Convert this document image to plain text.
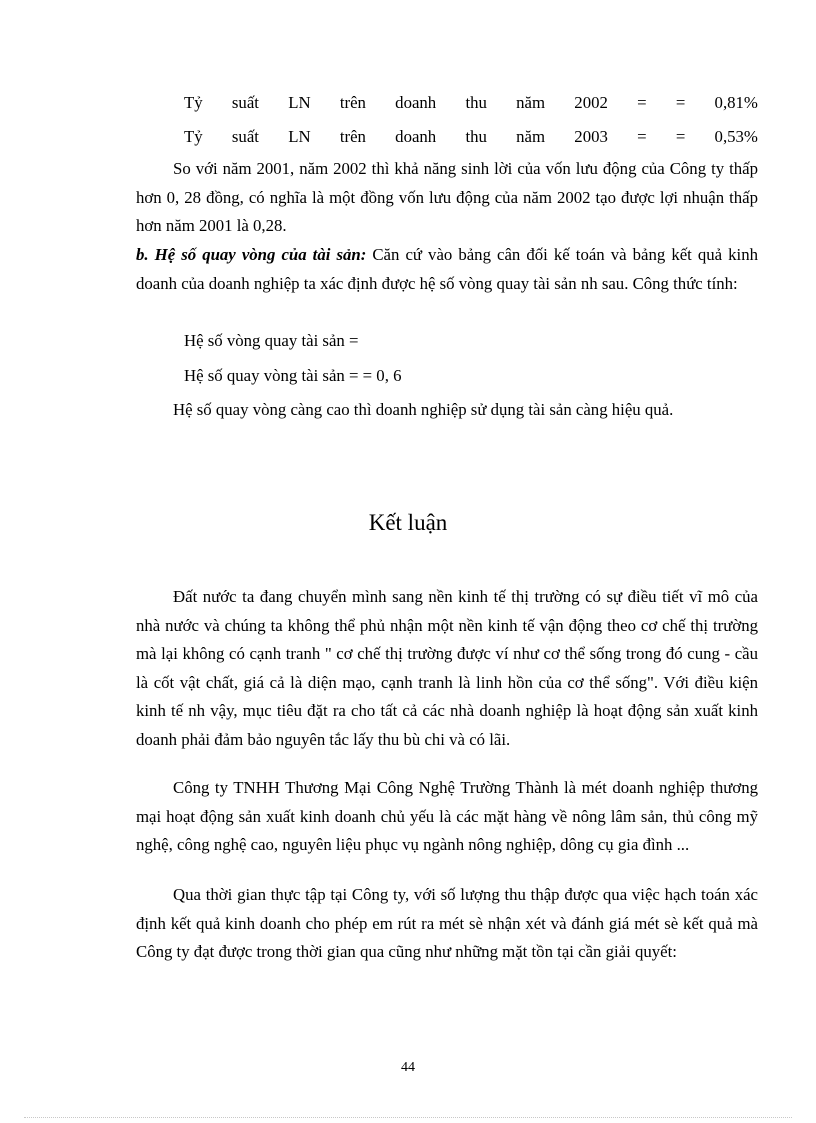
Tỷ suất LN trên doanh thu năm 2002 = = 0,81%
Tỷ suất LN trên doanh thu năm 2003 = = 0,53%

So với năm 2001, năm 2002 thì khả năng sinh lời của vốn lưu động của Công ty thấp hơn 0, 28 đồng, có nghĩa là một đồng vốn lưu động của năm 2002 tạo được lợi nhuận thấp hơn năm 2001 là 0,28.

b. Hệ số quay vòng của tài sản: Căn cứ vào bảng cân đối kế toán và bảng kết quả kinh doanh của doanh nghiệp ta xác định được hệ số vòng quay tài sản nh sau. Công thức tính:

Hệ số vòng quay tài sản =

Hệ số quay vòng tài sản = = 0, 6

Hệ số quay vòng càng cao thì doanh nghiệp sử dụng tài sản càng hiệu quả.

Kết luận

Đất nước ta đang chuyển mình sang nền kinh tế thị trường có sự điều tiết vĩ mô của nhà nước và chúng ta không thể phủ nhận một nền kinh tế vận động theo cơ chế thị trường mà lại không có cạnh tranh " cơ chế thị trường được ví như cơ thể sống trong đó cung - cầu là cốt vật chất, giá cả là diện mạo, cạnh tranh là linh hồn của cơ thể sống". Với điều kiện kinh tế nh vậy, mục tiêu đặt ra cho tất cả các nhà doanh nghiệp là hoạt động sản xuất kinh doanh phải đảm bảo nguyên tắc lấy thu bù chi và có lãi.

Công ty TNHH Thương Mại Công Nghệ Trường Thành là mét doanh nghiệp thương mại hoạt động sản xuất kinh doanh chủ yếu là các mặt hàng về nông lâm sản, thủ công mỹ nghệ, công nghệ cao, nguyên liệu phục vụ ngành nông nghiệp, dông cụ gia đình ...

Qua thời gian thực tập tại Công ty, với số lượng thu thập được qua việc hạch toán xác định kết quả kinh doanh cho phép em rút ra mét sè nhận xét và đánh giá mét sè kết quả mà Công ty đạt được trong thời gian qua cũng như những mặt tồn tại cần giải quyết:

44
